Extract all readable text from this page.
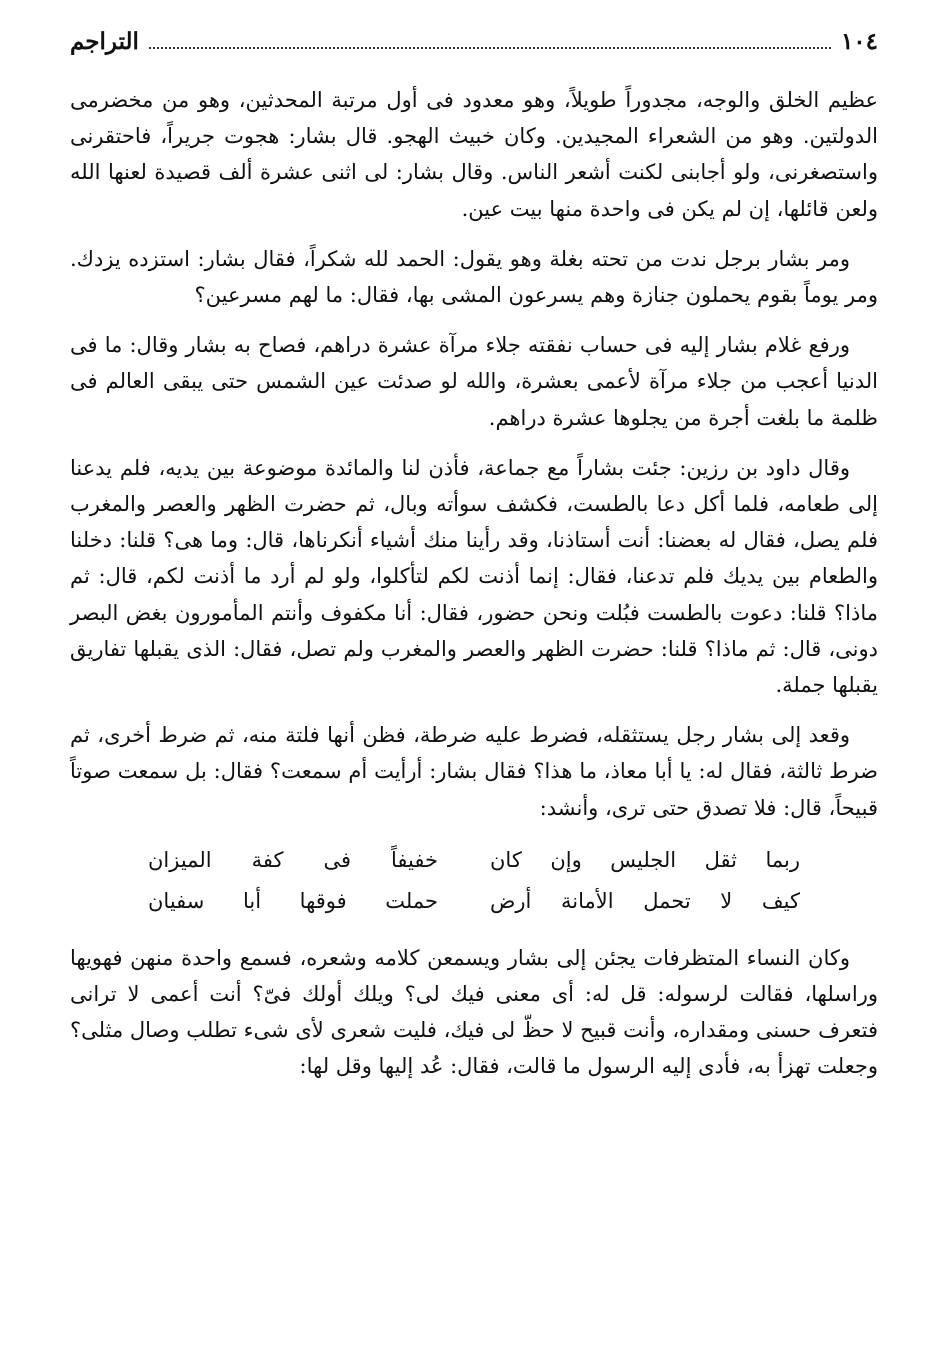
١٠٤
التراجم

عظيم الخلق والوجه، مجدوراً طويلاً، وهو معدود فى أول مرتبة المحدثين، وهو من مخضرمى الدولتين. وهو من الشعراء المجيدين. وكان خبيث الهجو. قال بشار: هجوت جريراً، فاحتقرنى واستصغرنى، ولو أجابنى لكنت أشعر الناس. وقال بشار: لى اثنى عشرة ألف قصيدة لعنها الله ولعن قائلها، إن لم يكن فى واحدة منها بيت عين.

ومر بشار برجل ندت من تحته بغلة وهو يقول: الحمد لله شكراً، فقال بشار: استزده يزدك. ومر يوماً بقوم يحملون جنازة وهم يسرعون المشى بها، فقال: ما لهم مسرعين؟

ورفع غلام بشار إليه فى حساب نفقته جلاء مرآة عشرة دراهم، فصاح به بشار وقال: ما فى الدنيا أعجب من جلاء مرآة لأعمى بعشرة، والله لو صدئت عين الشمس حتى يبقى العالم فى ظلمة ما بلغت أجرة من يجلوها عشرة دراهم.

وقال داود بن رزين: جئت بشاراً مع جماعة، فأذن لنا والمائدة موضوعة بين يديه، فلم يدعنا إلى طعامه، فلما أكل دعا بالطست، فكشف سوأته وبال، ثم حضرت الظهر والعصر والمغرب فلم يصل، فقال له بعضنا: أنت أستاذنا، وقد رأينا منك أشياء أنكرناها، قال: وما هى؟ قلنا: دخلنا والطعام بين يديك فلم تدعنا، فقال: إنما أذنت لكم لتأكلوا، ولو لم أرد ما أذنت لكم، قال: ثم ماذا؟ قلنا: دعوت بالطست فبُلت ونحن حضور، فقال: أنا مكفوف وأنتم المأمورون بغض البصر دونى، قال: ثم ماذا؟ قلنا: حضرت الظهر والعصر والمغرب ولم تصل، فقال: الذى يقبلها تفاريق يقبلها جملة.

وقعد إلى بشار رجل يستثقله، فضرط عليه ضرطة، فظن أنها فلتة منه، ثم ضرط أخرى، ثم ضرط ثالثة، فقال له: يا أبا معاذ، ما هذا؟ فقال بشار: أرأيت أم سمعت؟ فقال: بل سمعت صوتاً قبيحاً، قال: فلا تصدق حتى ترى، وأنشد:

ربما ثقل الجليس وإن كان
خفيفاً فى كفة الميزان
كيف لا تحمل الأمانة أرض
حملت فوقها أبا سفيان

وكان النساء المتظرفات يجئن إلى بشار ويسمعن كلامه وشعره، فسمع واحدة منهن فهويها وراسلها، فقالت لرسوله: قل له: أى معنى فيك لى؟ ويلك أولك فىّ؟ أنت أعمى لا ترانى فتعرف حسنى ومقداره، وأنت قبيح لا حظّ لى فيك، فليت شعرى لأى شىء تطلب وصال مثلى؟ وجعلت تهزأ به، فأدى إليه الرسول ما قالت، فقال: عُد إليها وقل لها:
